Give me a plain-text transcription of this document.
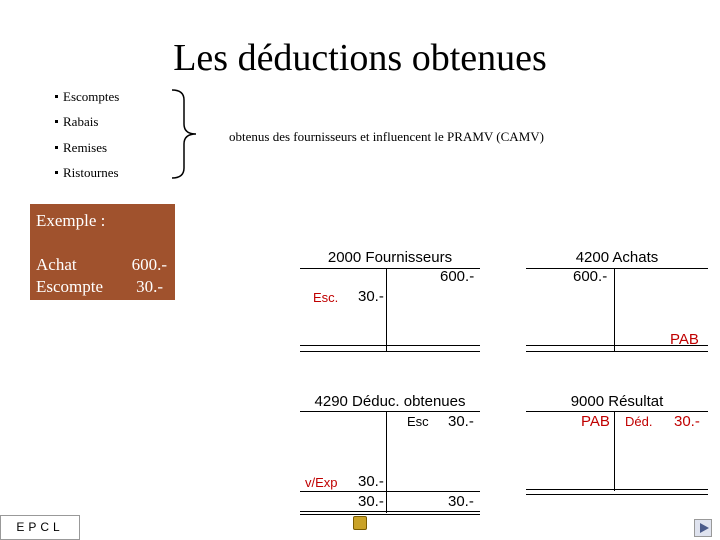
Les déductions obtenues
Escomptes
Rabais
Remises
Ristournes
obtenus des fournisseurs et influencent le PRAMV (CAMV)
Exemple :
Achat	600.-
Escompte 30.-
2000 Fournisseurs
600.-
Esc. 30.-
4200 Achats
600.-
PAB
4290 Déduc. obtenues
Esc 30.-
v/Exp 30.-
30.-	30.-
9000 Résultat
PAB Déd. 30.-
EPCL
